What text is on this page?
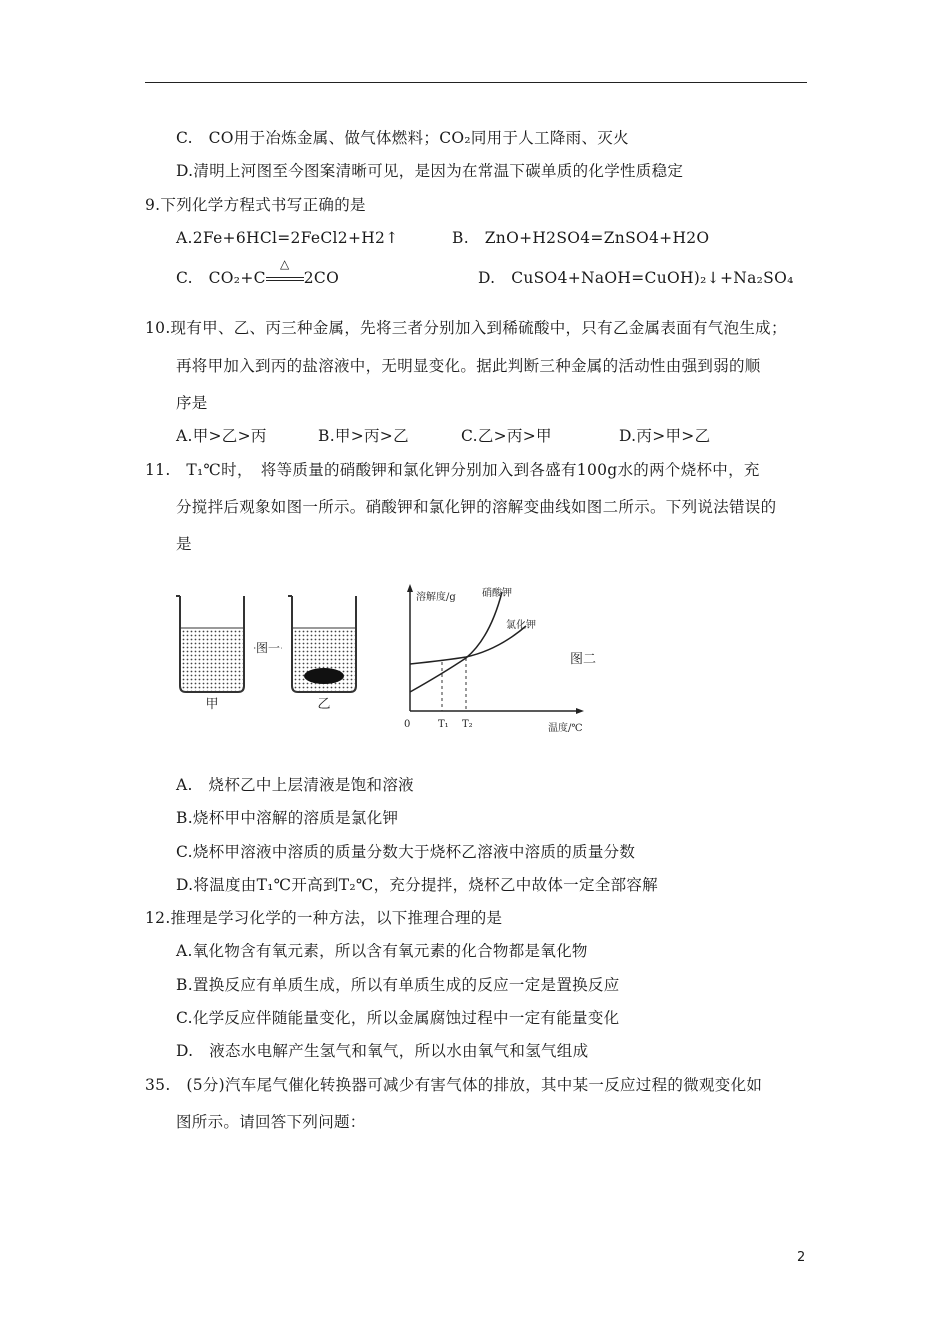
C.　CO用于冶炼金属、做气体燃料；CO₂同用于人工降雨、灭火
D.清明上河图至今图案清晰可见，是因为在常温下碳单质的化学性质稳定
9.下列化学方程式书写正确的是
A.2Fe+6HCl=2FeCl2+H2↑	B.　ZnO+H2SO4=ZnSO4+H2O
C.　CO₂+C
△
2CO	D.　CuSO4+NaOH=CuOH)₂↓+Na₂SO₄
10.现有甲、乙、丙三种金属，先将三者分别加入到稀硫酸中，只有乙金属表面有气泡生成；
再将甲加入到丙的盐溶液中，无明显变化。据此判断三种金属的活动性由强到弱的顺
序是
A.甲>乙>丙	B.甲>丙>乙	C.乙>丙>甲	D.丙>甲>乙
11.　T₁℃时，　将等质量的硝酸钾和氯化钾分别加入到各盛有100g水的两个烧杯中，充
分搅拌后观象如图一所示。硝酸钾和氯化钾的溶解变曲线如图二所示。下列说法错误的
是
图一
甲	乙
溶解度/g
温度/℃
0	T₁ T₂
硝酸钾
氯化钾
图二
A.　烧杯乙中上层清液是饱和溶液
B.烧杯甲中溶解的溶质是氯化钾
C.烧杯甲溶液中溶质的质量分数大于烧杯乙溶液中溶质的质量分数
D.将温度由T₁℃开高到T₂℃，充分提拌，烧杯乙中故体一定全部容解
12.推理是学习化学的一种方法，以下推理合理的是
A.氧化物含有氧元素，所以含有氧元素的化合物都是氧化物
B.置换反应有单质生成，所以有单质生成的反应一定是置换反应
C.化学反应伴随能量变化，所以金属腐蚀过程中一定有能量变化
D.　液态水电解产生氢气和氧气，所以水由氧气和氢气组成
35.　(5分)汽车尾气催化转换器可减少有害气体的排放，其中某一反应过程的微观变化如
图所示。请回答下列问题：
2
